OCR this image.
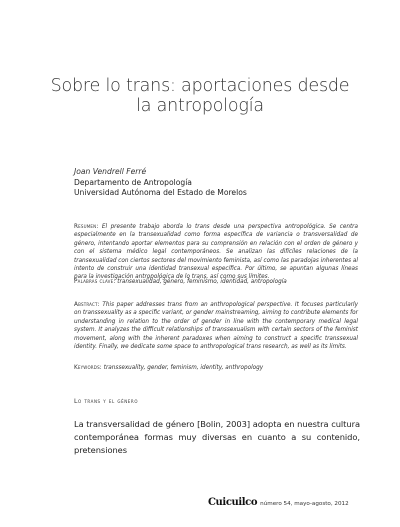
Sobre lo trans: aportaciones desde
la antropología
Joan Vendrell Ferré
Departamento de Antropología
Universidad Autónoma del Estado de Morelos
Resumen: El presente trabajo aborda lo trans desde una perspectiva antropológica. Se centra especialmente en la transexualidad como forma específica de variancia o transversalidad de género, intentando aportar elementos para su comprensión en relación con el orden de género y con el sistema médico legal contemporáneos. Se analizan las difíciles relaciones de la transexualidad con ciertos sectores del movimiento feminista, así como las paradojas inherentes al intento de construir una identidad transexual específica. Por último, se apuntan algunas líneas para la investigación antropológica de lo trans, así como sus límites.
Palabras clave: transexualidad, género, feminismo, identidad, antropología
Abstract: This paper addresses trans from an anthropological perspective. It focuses particularly on transsexuality as a specific variant, or gender mainstreaming, aiming to contribute elements for understanding in relation to the order of gender in line with the contemporary medical legal system. It analyzes the difficult relationships of transsexualism with certain sectors of the feminist movement, along with the inherent paradoxes when aiming to construct a specific transsexual identity. Finally, we dedicate some space to anthropological trans research, as well as its limits.
Keywords: transsexuality, gender, feminism, identity, anthropology
Lo trans y el género
La transversalidad de género [Bolin, 2003] adopta en nuestra cultura contemporánea formas muy diversas en cuanto a su contenido, pretensiones
Cuicuilco número 54, mayo-agosto, 2012
